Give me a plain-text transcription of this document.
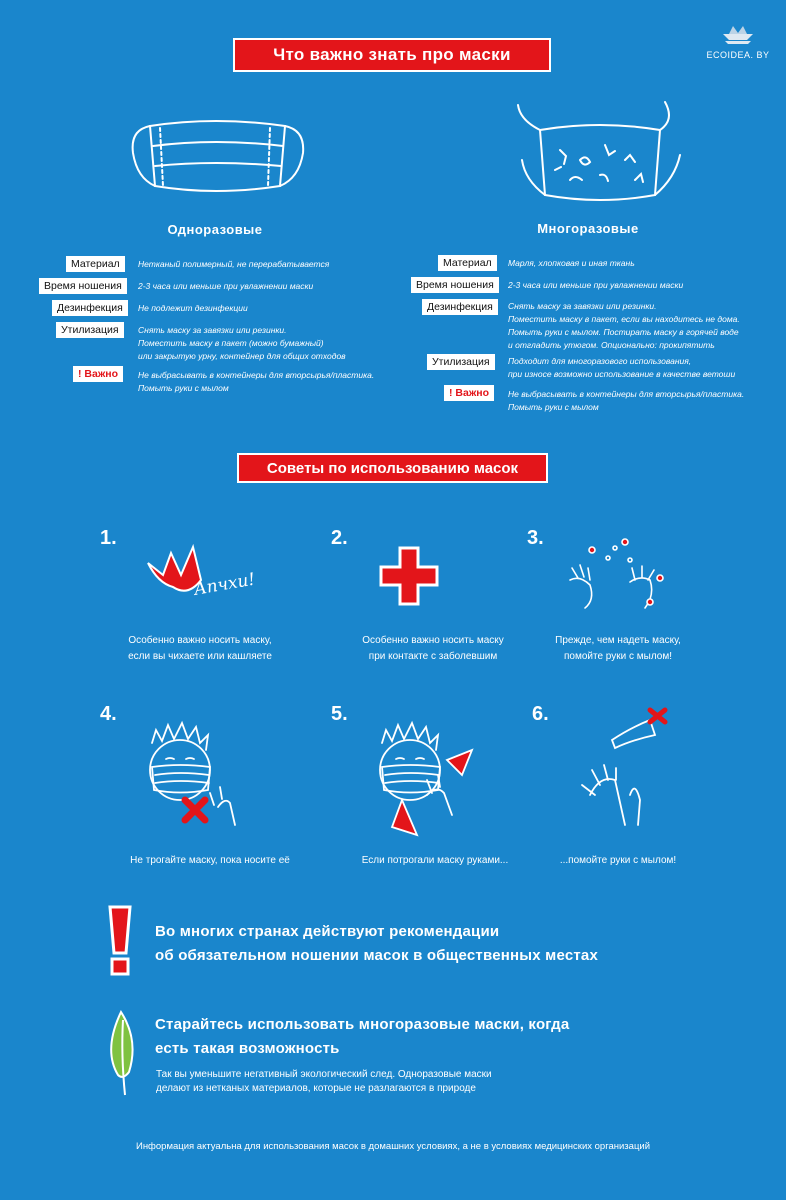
Что важно знать про маски	ECOIDEA. BY
Одноразовые	Многоразовые
Материал	Нетканый полимерный, не перерабатывается
Время ношения	2-3 часа или меньше при увлажнении маски
Дезинфекция	Не подлежит дезинфекции
Утилизация	Снять маску за завязки или резинки.
Поместить маску в пакет (можно бумажный)
или закрытую урну, контейнер для общих отходов
! Важно	Не выбрасывать в контейнеры для вторсырья/пластика.
Помыть руки с мылом
Материал	Марля, хлопковая и иная ткань
Время ношения	2-3 часа или меньше при увлажнении маски
Дезинфекция	Снять маску за завязки или резинки.
Поместить маску в пакет, если вы находитесь не дома.
Помыть руки с мылом. Постирать маску в горячей воде
и отгладить утюгом. Опционально: прокипятить
Утилизация	Подходит для многоразового использования,
при износе возможно использование в качестве ветоши
! Важно	Не выбрасывать в контейнеры для вторсырья/пластика.
Помыть руки с мылом
Советы по использованию масок
1.
Апчхи!
Особенно важно носить маску,
если вы чихаете или кашляете
2.
Особенно важно носить маску
при контакте с заболевшим
3.
Прежде, чем надеть маску,
помойте руки с мылом!
4.
Не трогайте маску, пока носите её
5.
Если потрогали маску руками...
6.
...помойте руки с мылом!
Во многих странах действуют рекомендации
об обязательном ношении масок в общественных местах
Старайтесь использовать многоразовые маски, когда
есть такая возможность
Так вы уменьшите негативный экологический след. Одноразовые маски
делают из нетканых материалов, которые не разлагаются в природе
Информация актуальна для использования масок в домашних условиях, а не в условиях медицинских организаций
